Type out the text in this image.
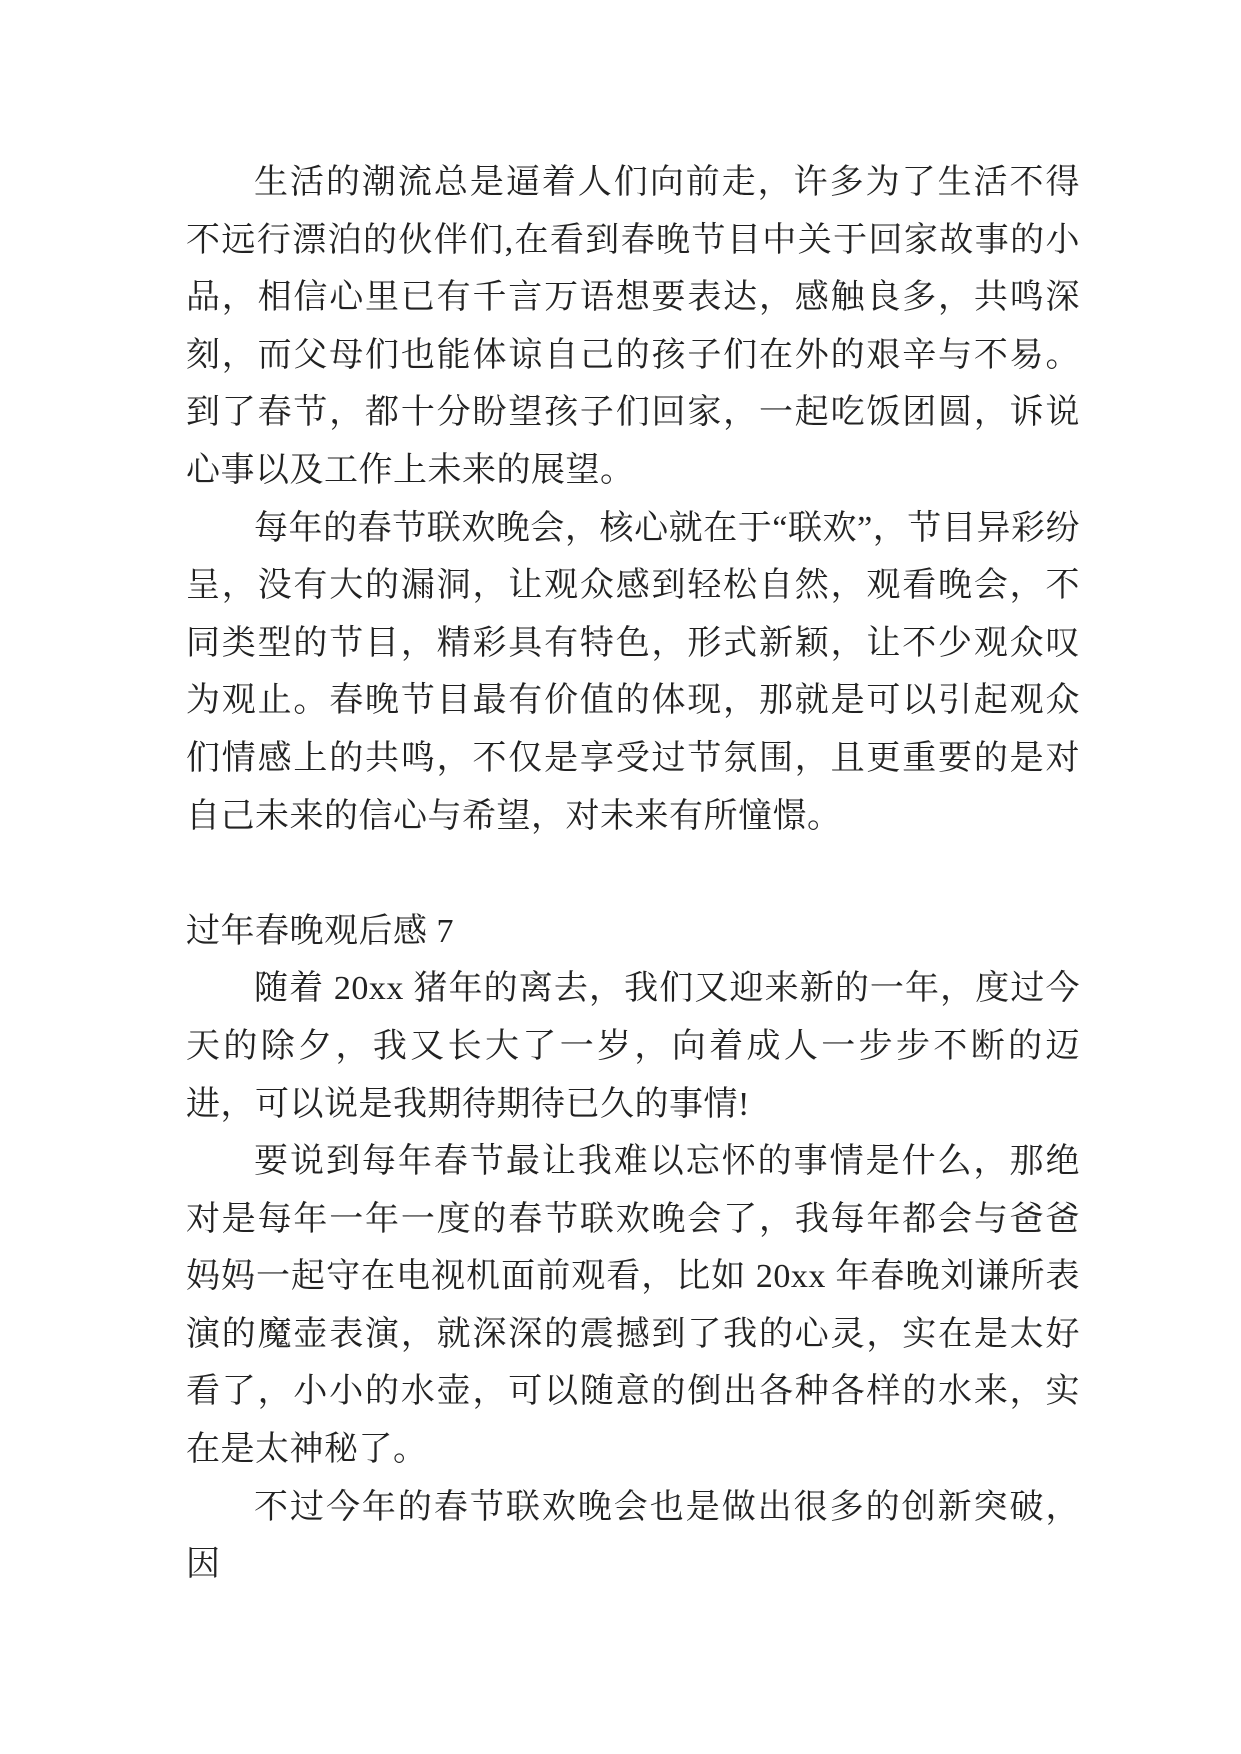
生活的潮流总是逼着人们向前走，许多为了生活不得不远行漂泊的伙伴们,在看到春晚节目中关于回家故事的小品，相信心里已有千言万语想要表达，感触良多，共鸣深刻，而父母们也能体谅自己的孩子们在外的艰辛与不易。到了春节，都十分盼望孩子们回家，一起吃饭团圆，诉说心事以及工作上未来的展望。

每年的春节联欢晚会，核心就在于“联欢”，节目异彩纷呈，没有大的漏洞，让观众感到轻松自然，观看晚会，不同类型的节目，精彩具有特色，形式新颖，让不少观众叹为观止。春晚节目最有价值的体现，那就是可以引起观众们情感上的共鸣，不仅是享受过节氛围，且更重要的是对自己未来的信心与希望，对未来有所憧憬。

过年春晚观后感 7

随着 20xx 猪年的离去，我们又迎来新的一年，度过今天的除夕，我又长大了一岁，向着成人一步步不断的迈进，可以说是我期待期待已久的事情!

要说到每年春节最让我难以忘怀的事情是什么，那绝对是每年一年一度的春节联欢晚会了，我每年都会与爸爸妈妈一起守在电视机面前观看，比如 20xx 年春晚刘谦所表演的魔壶表演，就深深的震撼到了我的心灵，实在是太好看了，小小的水壶，可以随意的倒出各种各样的水来，实在是太神秘了。

不过今年的春节联欢晚会也是做出很多的创新突破，因
